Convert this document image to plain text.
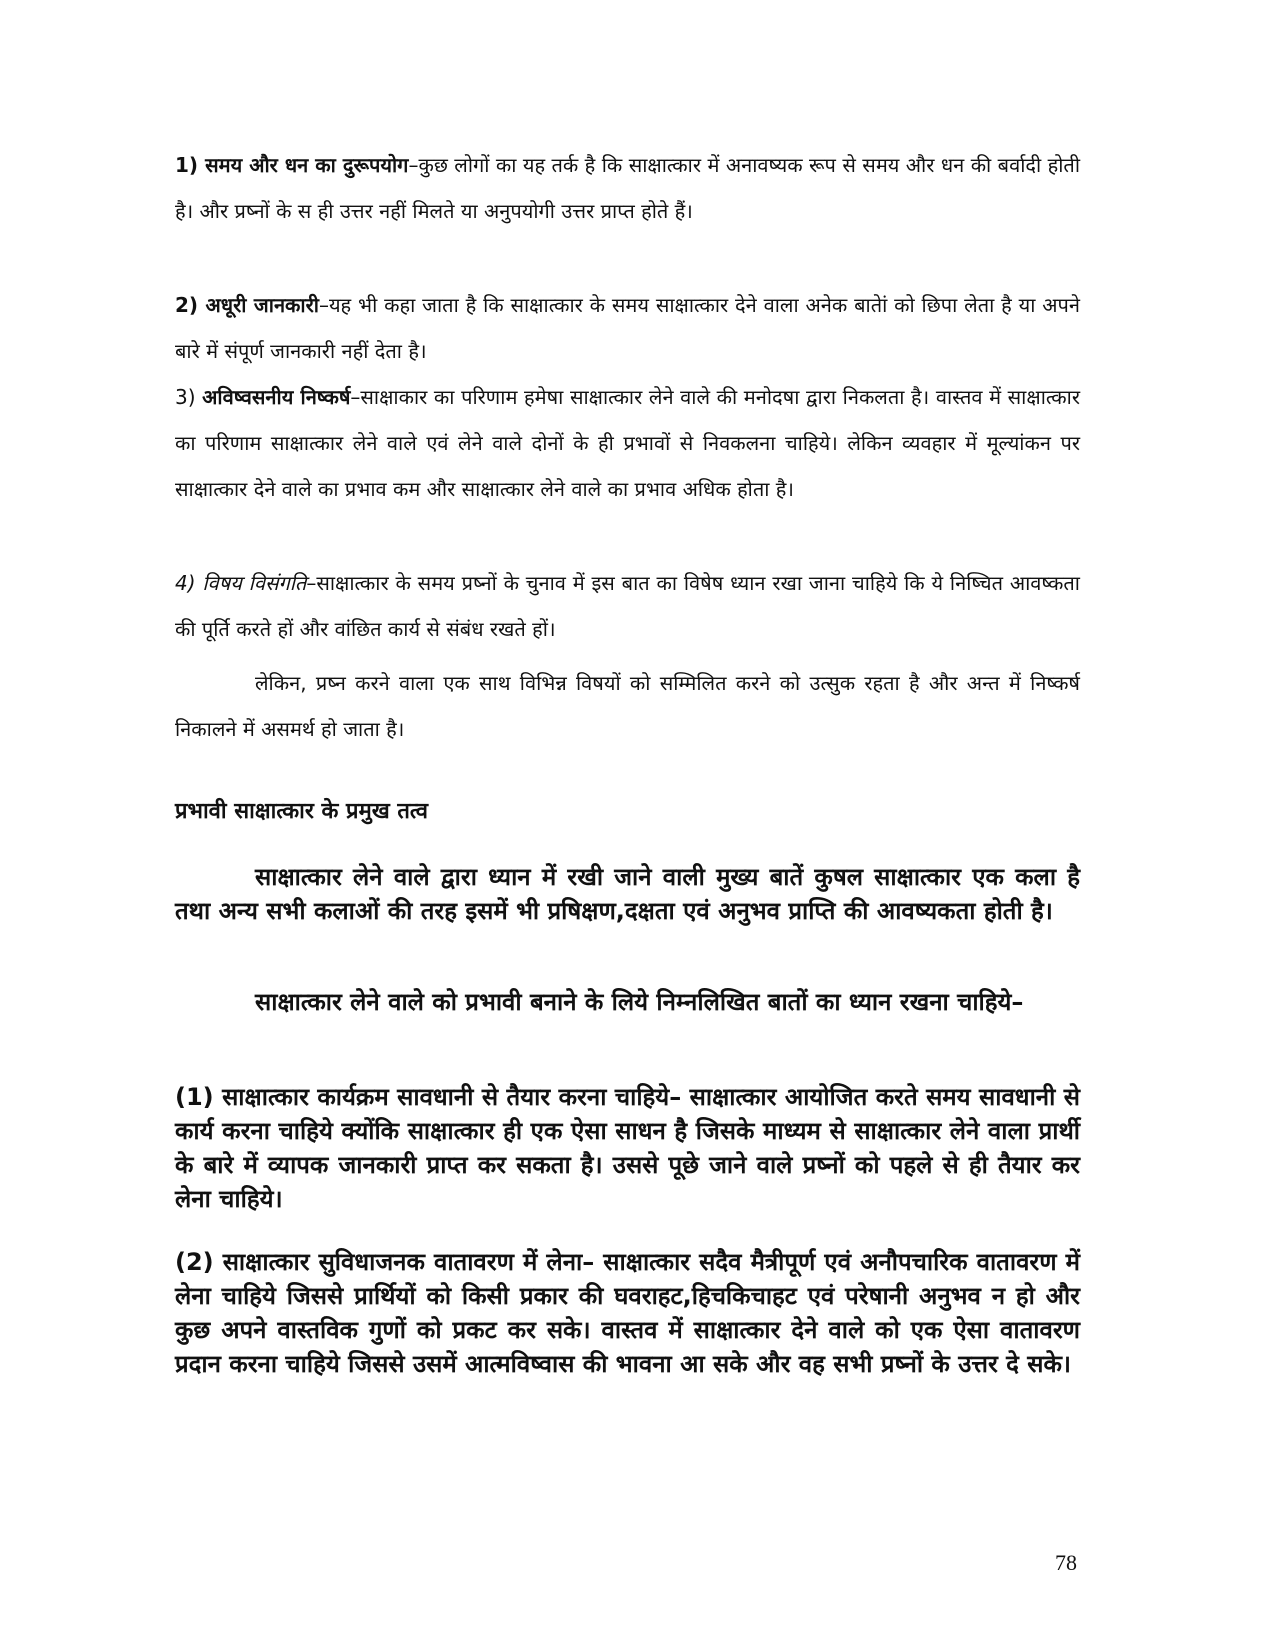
1) समय और धन का दुरूपयोग–कुछ लोगों का यह तर्क है कि साक्षात्कार में अनावष्यक रूप से समय और धन की बर्वादी होती है। और प्रष्नों के स ही उत्तर नहीं मिलते या अनुपयोगी उत्तर प्राप्त होते हैं।

2) अधूरी जानकारी–यह भी कहा जाता है कि साक्षात्कार के समय साक्षात्कार देने वाला अनेक बातेां को छिपा लेता है या अपने बारे में संपूर्ण जानकारी नहीं देता है।

3) अविष्वसनीय निष्कर्ष–साक्षाकार का परिणाम हमेषा साक्षात्कार लेने वाले की मनोदषा द्वारा निकलता है। वास्तव में साक्षात्कार का परिणाम साक्षात्कार लेने वाले एवं लेने वाले दोनों के ही प्रभावों से निवकलना चाहिये। लेकिन व्यवहार में मूल्यांकन पर साक्षात्कार देने वाले का प्रभाव कम और साक्षात्कार लेने वाले का प्रभाव अधिक होता है।

4) विषय विसंगति–साक्षात्कार के समय प्रष्नों के चुनाव में इस बात का विषेष ध्यान रखा जाना चाहिये कि ये निष्चित आवष्कता की पूर्ति करते हों और वांछित कार्य से संबंध रखते हों।

लेकिन, प्रष्न करने वाला एक साथ विभिन्न विषयों को सम्मिलित करने को उत्सुक रहता है और अन्त में निष्कर्ष निकालने में असमर्थ हो जाता है।

प्रभावी साक्षात्कार के प्रमुख तत्व

साक्षात्कार लेने वाले द्वारा ध्यान में रखी जाने वाली मुख्य बातें कुषल साक्षात्कार एक कला है तथा अन्य सभी कलाओं की तरह इसमें भी प्रषिक्षण,दक्षता एवं अनुभव प्राप्ति की आवष्यकता होती है।

साक्षात्कार लेने वाले को प्रभावी बनाने के लिये निम्नलिखित बातों का ध्यान रखना चाहिये–

(1) साक्षात्कार कार्यक्रम सावधानी से तैयार करना चाहिये– साक्षात्कार आयोजित करते समय सावधानी से कार्य करना चाहिये क्योंकि साक्षात्कार ही एक ऐसा साधन है जिसके माध्यम से साक्षात्कार लेने वाला प्रार्थी के बारे में व्यापक जानकारी प्राप्त कर सकता है। उससे पूछे जाने वाले प्रष्नों को पहले से ही तैयार कर लेना चाहिये।

(2) साक्षात्कार सुविधाजनक वातावरण में लेना– साक्षात्कार सदैव मैत्रीपूर्ण एवं अनौपचारिक वातावरण में लेना चाहिये जिससे प्रार्थियों को किसी प्रकार की घवराहट,हिचकिचाहट एवं परेषानी अनुभव न हो और कुछ अपने वास्तविक गुणों को प्रकट कर सके। वास्तव में साक्षात्कार देने वाले को एक ऐसा वातावरण प्रदान करना चाहिये जिससे उसमें आत्मविष्वास की भावना आ सके और वह सभी प्रष्नों के उत्तर दे सके।

78
